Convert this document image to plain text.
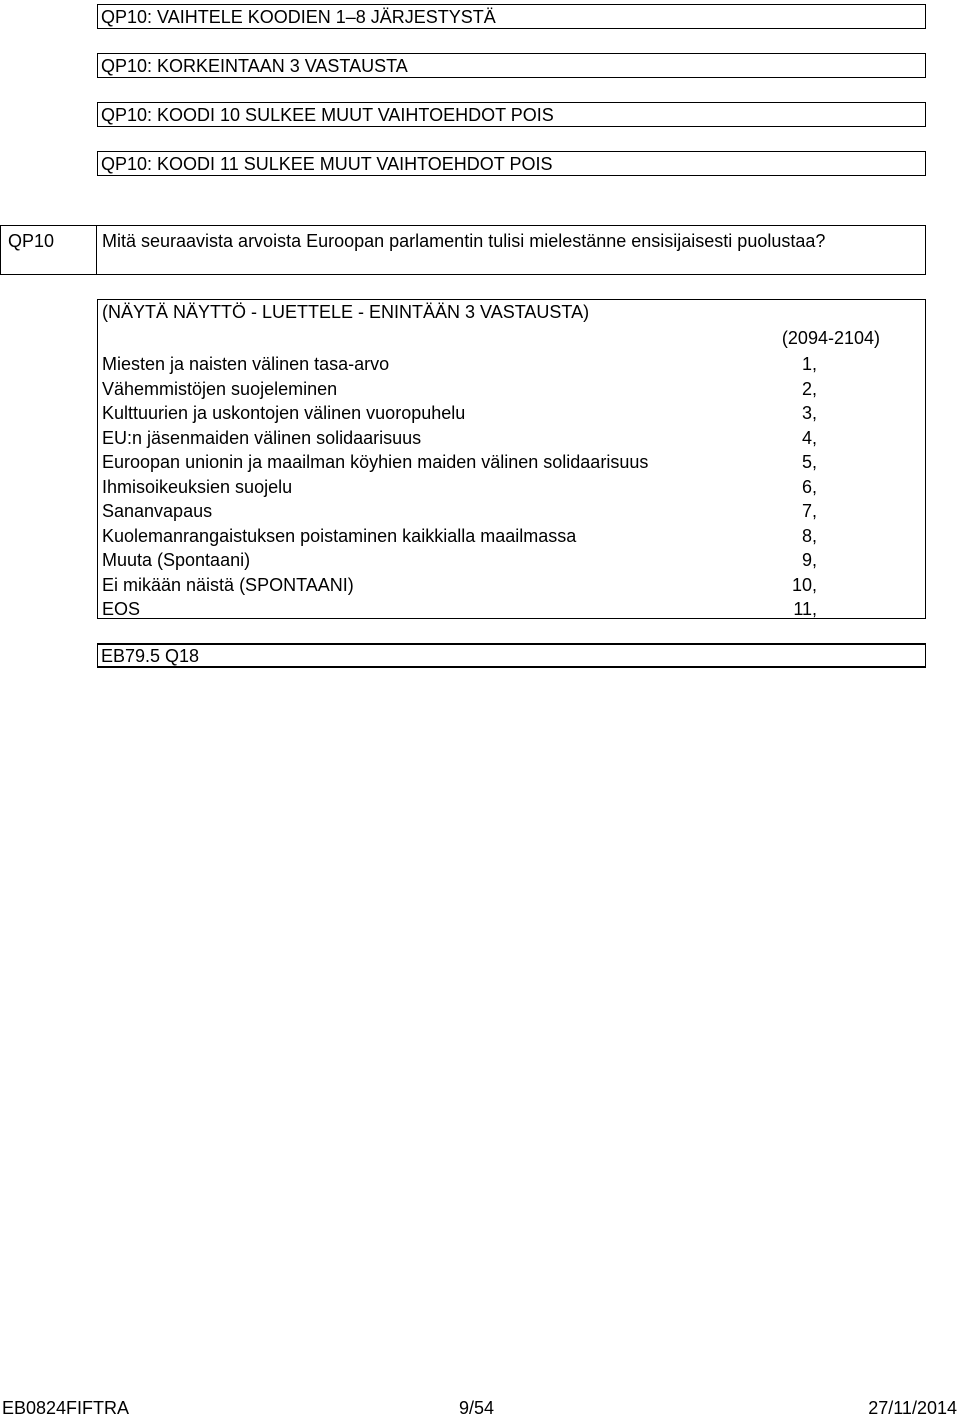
QP10: VAIHTELE KOODIEN 1–8 JÄRJESTYSTÄ
QP10: KORKEINTAAN 3 VASTAUSTA
QP10: KOODI 10 SULKEE MUUT VAIHTOEHDOT POIS
QP10: KOODI 11 SULKEE MUUT VAIHTOEHDOT POIS
QP10	Mitä seuraavista arvoista Euroopan parlamentin tulisi mielestänne ensisijaisesti puolustaa?
(NÄYTÄ NÄYTTÖ - LUETTELE - ENINTÄÄN 3 VASTAUSTA)
(2094-2104)
Miesten ja naisten välinen tasa-arvo	1,
Vähemmistöjen suojeleminen	2,
Kulttuurien ja uskontojen välinen vuoropuhelu	3,
EU:n jäsenmaiden välinen solidaarisuus	4,
Euroopan unionin ja maailman köyhien maiden välinen solidaarisuus	5,
Ihmisoikeuksien suojelu	6,
Sananvapaus	7,
Kuolemanrangaistuksen poistaminen kaikkialla maailmassa	8,
Muuta (Spontaani)	9,
Ei mikään näistä (SPONTAANI)	10,
EOS	11,
EB79.5 Q18
EB0824FIFTRA	9/54	27/11/2014
